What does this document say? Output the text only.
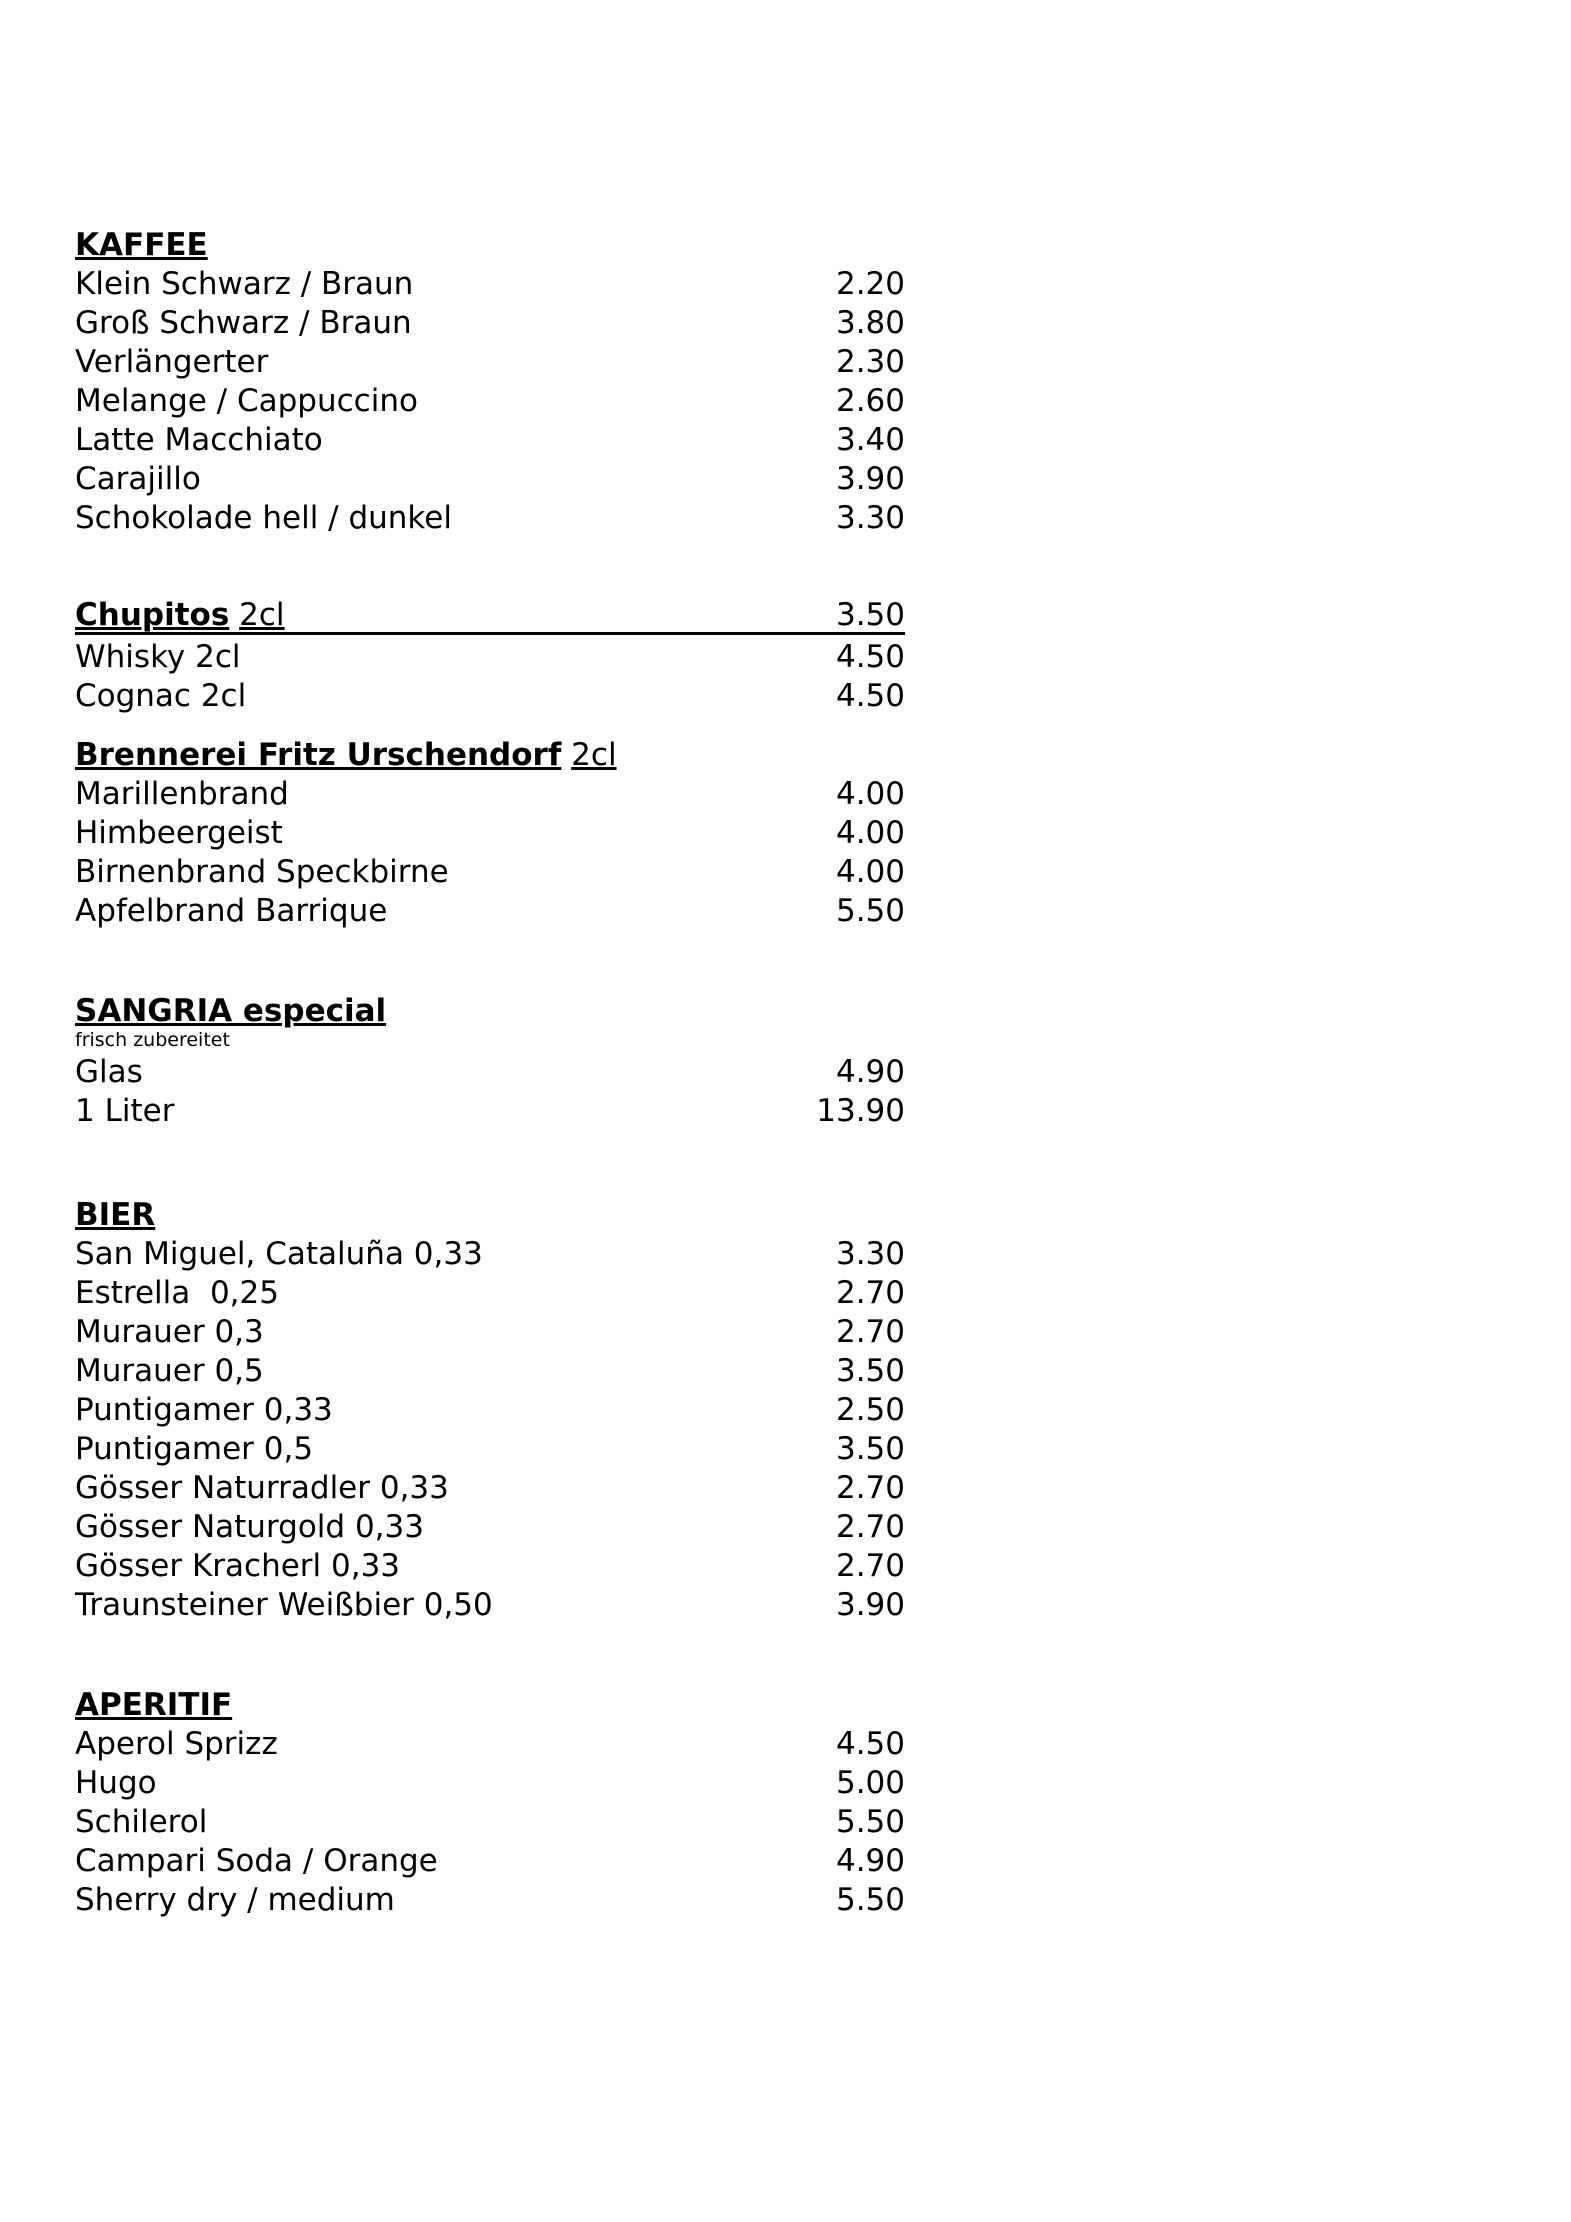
KAFFEE
Klein Schwarz / Braun	2.20
Groß Schwarz / Braun	3.80
Verlängerter	2.30
Melange / Cappuccino	2.60
Latte Macchiato	3.40
Carajillo	3.90
Schokolade hell / dunkel	3.30
Chupitos 2cl	3.50
Whisky 2cl	4.50
Cognac 2cl	4.50
Brennerei Fritz Urschendorf 2cl
Marillenbrand	4.00
Himbeergeist	4.00
Birnenbrand Speckbirne	4.00
Apfelbrand Barrique	5.50
SANGRIA especial
frisch zubereitet
Glas	4.90
1 Liter	13.90
BIER
San Miguel, Cataluña 0,33	3.30
Estrella  0,25	2.70
Murauer 0,3	2.70
Murauer 0,5	3.50
Puntigamer 0,33	2.50
Puntigamer 0,5	3.50
Gösser Naturradler 0,33	2.70
Gösser Naturgold 0,33	2.70
Gösser Kracherl 0,33	2.70
Traunsteiner Weißbier 0,50	3.90
APERITIF
Aperol Sprizz	4.50
Hugo	5.00
Schilerol	5.50
Campari Soda / Orange	4.90
Sherry dry / medium	5.50
